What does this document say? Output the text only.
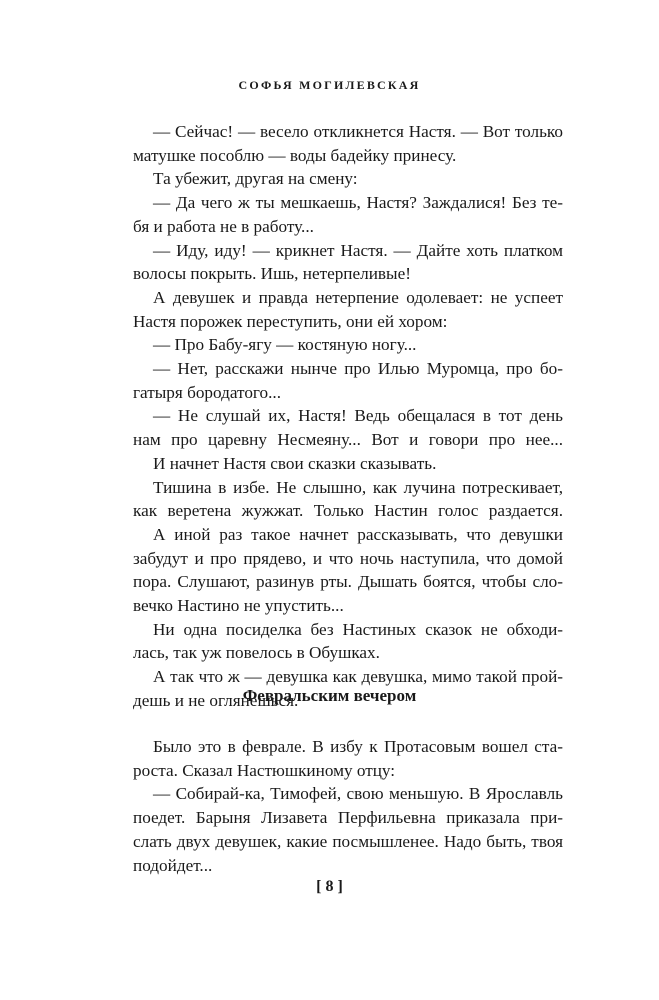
СОФЬЯ МОГИЛЕВСКАЯ
— Сейчас! — весело откликнется Настя. — Вот только
матушке пособлю — воды бадейку принесу.
Та убежит, другая на смену:
— Да чего ж ты мешкаешь, Настя? Заждалися! Без те-
бя и работа не в работу...
— Иду, иду! — крикнет Настя. — Дайте хоть платком
волосы покрыть. Ишь, нетерпеливые!
А девушек и правда нетерпение одолевает: не успеет
Настя порожек переступить, они ей хором:
— Про Бабу-ягу — костяную ногу...
— Нет, расскажи нынче про Илью Муромца, про бо-
гатыря бородатого...
— Не слушай их, Настя! Ведь обещалася в тот день
нам про царевну Несмеяну... Вот и говори про нее...
И начнет Настя свои сказки сказывать.
Тишина в избе. Не слышно, как лучина потрескивает,
как веретена жужжат. Только Настин голос раздается.
А иной раз такое начнет рассказывать, что девушки
забудут и про прядево, и что ночь наступила, что домой
пора. Слушают, разинув рты. Дышать боятся, чтобы сло-
вечко Настино не упустить...
Ни одна посиделка без Настиных сказок не обходи-
лась, так уж повелось в Обушках.
А так что ж — девушка как девушка, мимо такой прой-
дешь и не оглянешься.
Февральским вечером
Было это в феврале. В избу к Протасовым вошел ста-
роста. Сказал Настюшкиному отцу:
— Собирай-ка, Тимофей, свою меньшую. В Ярославль
поедет. Барыня Лизавета Перфильевна приказала при-
слать двух девушек, какие посмышленее. Надо быть, твоя
подойдет...
[ 8 ]
